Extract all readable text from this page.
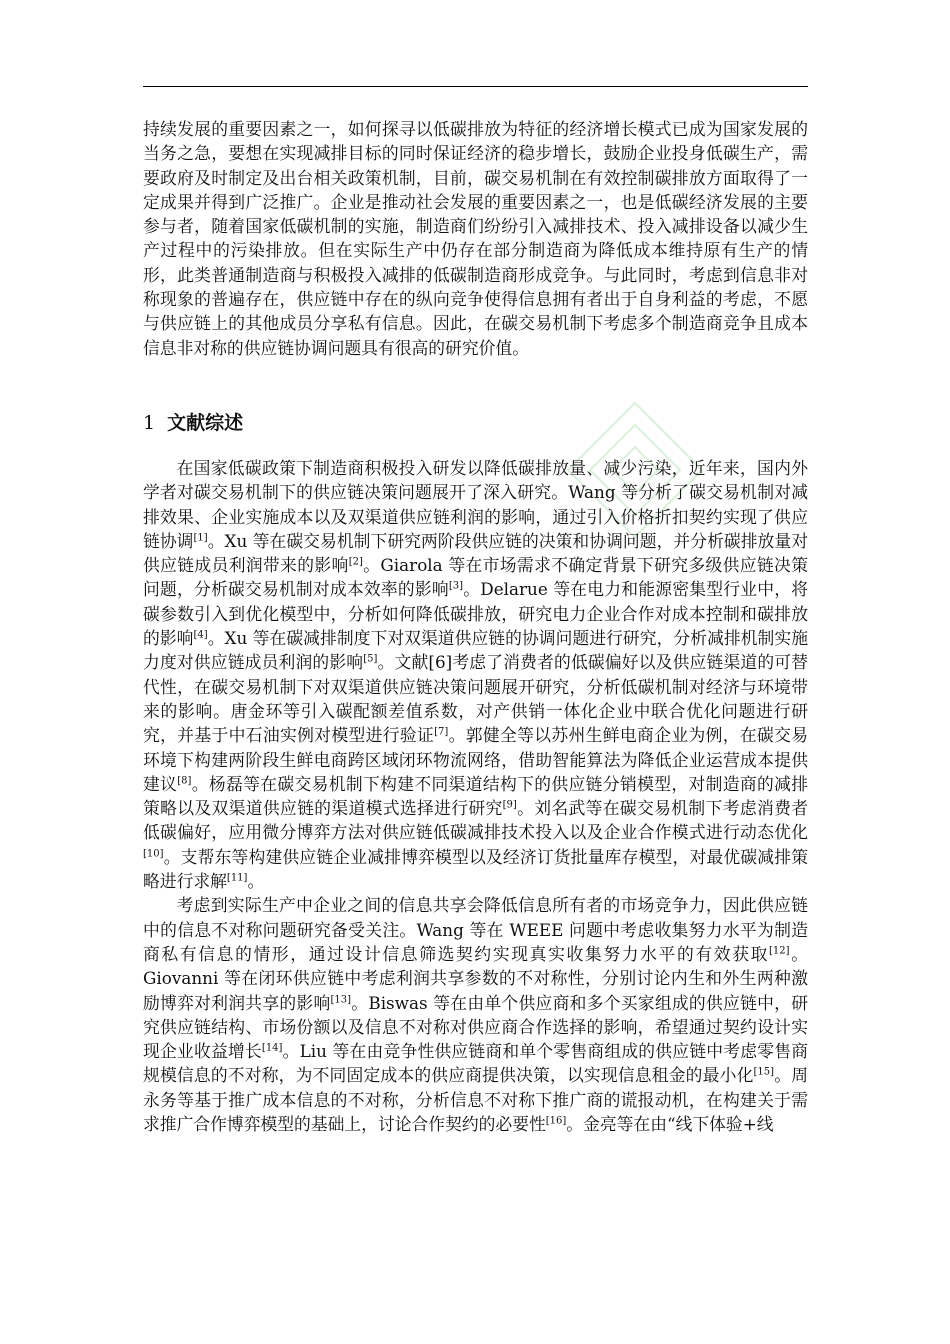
持续发展的重要因素之一，如何探寻以低碳排放为特征的经济增长模式已成为国家发展的当务之急，要想在实现减排目标的同时保证经济的稳步增长，鼓励企业投身低碳生产，需要政府及时制定及出台相关政策机制，目前，碳交易机制在有效控制碳排放方面取得了一定成果并得到广泛推广。企业是推动社会发展的重要因素之一，也是低碳经济发展的主要参与者，随着国家低碳机制的实施，制造商们纷纷引入减排技术、投入减排设备以减少生产过程中的污染排放。但在实际生产中仍存在部分制造商为降低成本维持原有生产的情形，此类普通制造商与积极投入减排的低碳制造商形成竞争。与此同时，考虑到信息非对称现象的普遍存在，供应链中存在的纵向竞争使得信息拥有者出于自身利益的考虑，不愿与供应链上的其他成员分享私有信息。因此，在碳交易机制下考虑多个制造商竞争且成本信息非对称的供应链协调问题具有很高的研究价值。

1 文献综述

在国家低碳政策下制造商积极投入研发以降低碳排放量、减少污染，近年来，国内外学者对碳交易机制下的供应链决策问题展开了深入研究。Wang 等分析了碳交易机制对减排效果、企业实施成本以及双渠道供应链利润的影响，通过引入价格折扣契约实现了供应链协调[1]。Xu 等在碳交易机制下研究两阶段供应链的决策和协调问题，并分析碳排放量对供应链成员利润带来的影响[2]。Giarola 等在市场需求不确定背景下研究多级供应链决策问题，分析碳交易机制对成本效率的影响[3]。Delarue 等在电力和能源密集型行业中，将碳参数引入到优化模型中，分析如何降低碳排放，研究电力企业合作对成本控制和碳排放的影响[4]。Xu 等在碳减排制度下对双渠道供应链的协调问题进行研究，分析减排机制实施力度对供应链成员利润的影响[5]。文献[6]考虑了消费者的低碳偏好以及供应链渠道的可替代性，在碳交易机制下对双渠道供应链决策问题展开研究，分析低碳机制对经济与环境带来的影响。唐金环等引入碳配额差值系数，对产供销一体化企业中联合优化问题进行研究，并基于中石油实例对模型进行验证[7]。郭健全等以苏州生鲜电商企业为例，在碳交易环境下构建两阶段生鲜电商跨区域闭环物流网络，借助智能算法为降低企业运营成本提供建议[8]。杨磊等在碳交易机制下构建不同渠道结构下的供应链分销模型，对制造商的减排策略以及双渠道供应链的渠道模式选择进行研究[9]。刘名武等在碳交易机制下考虑消费者低碳偏好，应用微分博弈方法对供应链低碳减排技术投入以及企业合作模式进行动态优化[10]。支帮东等构建供应链企业减排博弈模型以及经济订货批量库存模型，对最优碳减排策略进行求解[11]。

考虑到实际生产中企业之间的信息共享会降低信息所有者的市场竞争力，因此供应链中的信息不对称问题研究备受关注。Wang 等在 WEEE 问题中考虑收集努力水平为制造商私有信息的情形，通过设计信息筛选契约实现真实收集努力水平的有效获取[12]。Giovanni 等在闭环供应链中考虑利润共享参数的不对称性，分别讨论内生和外生两种激励博弈对利润共享的影响[13]。Biswas 等在由单个供应商和多个买家组成的供应链中，研究供应链结构、市场份额以及信息不对称对供应商合作选择的影响，希望通过契约设计实现企业收益增长[14]。Liu 等在由竞争性供应链商和单个零售商组成的供应链中考虑零售商规模信息的不对称，为不同固定成本的供应商提供决策，以实现信息租金的最小化[15]。周永务等基于推广成本信息的不对称，分析信息不对称下推广商的谎报动机，在构建关于需求推广合作博弈模型的基础上，讨论合作契约的必要性[16]。金亮等在由“线下体验+线
